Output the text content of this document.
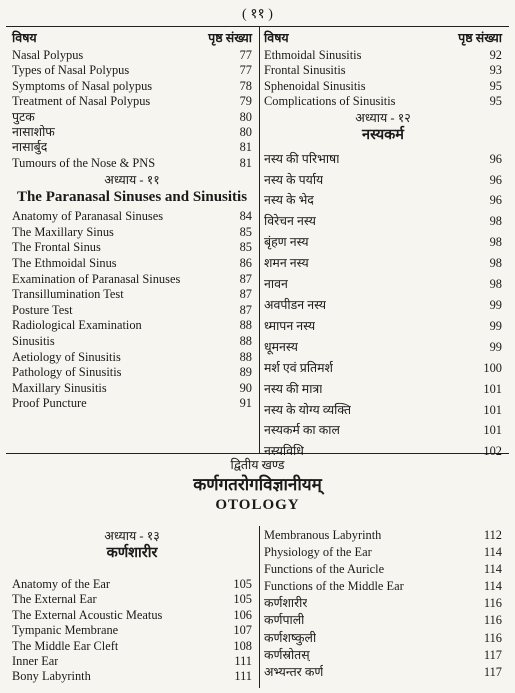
( ११ )
विषय	पृष्ठ संख्या
Nasal Polypus	77
Types of Nasal Polypus	77
Symptoms of Nasal polypus	78
Treatment of Nasal Polypus	79
पुटक	80
नासाशोफ	80
नासार्बुद	81
Tumours of the Nose & PNS	81
अध्याय - ११
The Paranasal Sinuses and Sinusitis
Anatomy of Paranasal Sinuses	84
The Maxillary Sinus	85
The Frontal Sinus	85
The Ethmoidal Sinus	86
Examination of Paranasal Sinuses	87
Transillumination Test	87
Posture Test	87
Radiological Examination	88
Sinusitis	88
Aetiology of Sinusitis	88
Pathology of Sinusitis	89
Maxillary Sinusitis	90
Proof Puncture	91
विषय	पृष्ठ संख्या
Ethmoidal Sinusitis	92
Frontal Sinusitis	93
Sphenoidal Sinusitis	95
Complications of Sinusitis	95
अध्याय - १२
नस्यकर्म
नस्य की परिभाषा	96
नस्य के पर्याय	96
नस्य के भेद	96
विरेचन नस्य	98
बृंहण नस्य	98
शमन नस्य	98
नावन	98
अवपीडन नस्य	99
ध्मापन नस्य	99
धूमनस्य	99
मर्श एवं प्रतिमर्श	100
नस्य की मात्रा	101
नस्य के योग्य व्यक्ति	101
नस्यकर्म का काल	101
नस्यविधि	102
द्वितीय खण्ड
कर्णगतरोगविज्ञानीयम्
OTOLOGY
अध्याय - १३
कर्णशारीर
Anatomy of the Ear	105
The External Ear	105
The External Acoustic Meatus	106
Tympanic Membrane	107
The Middle Ear Cleft	108
Inner Ear	111
Bony Labyrinth	111
Membranous Labyrinth	112
Physiology of the Ear	114
Functions of the Auricle	114
Functions of the Middle Ear	114
कर्णशारीर	116
कर्णपाली	116
कर्णशष्कुली	116
कर्णस्रोतस्	117
अभ्यन्तर कर्ण	117
